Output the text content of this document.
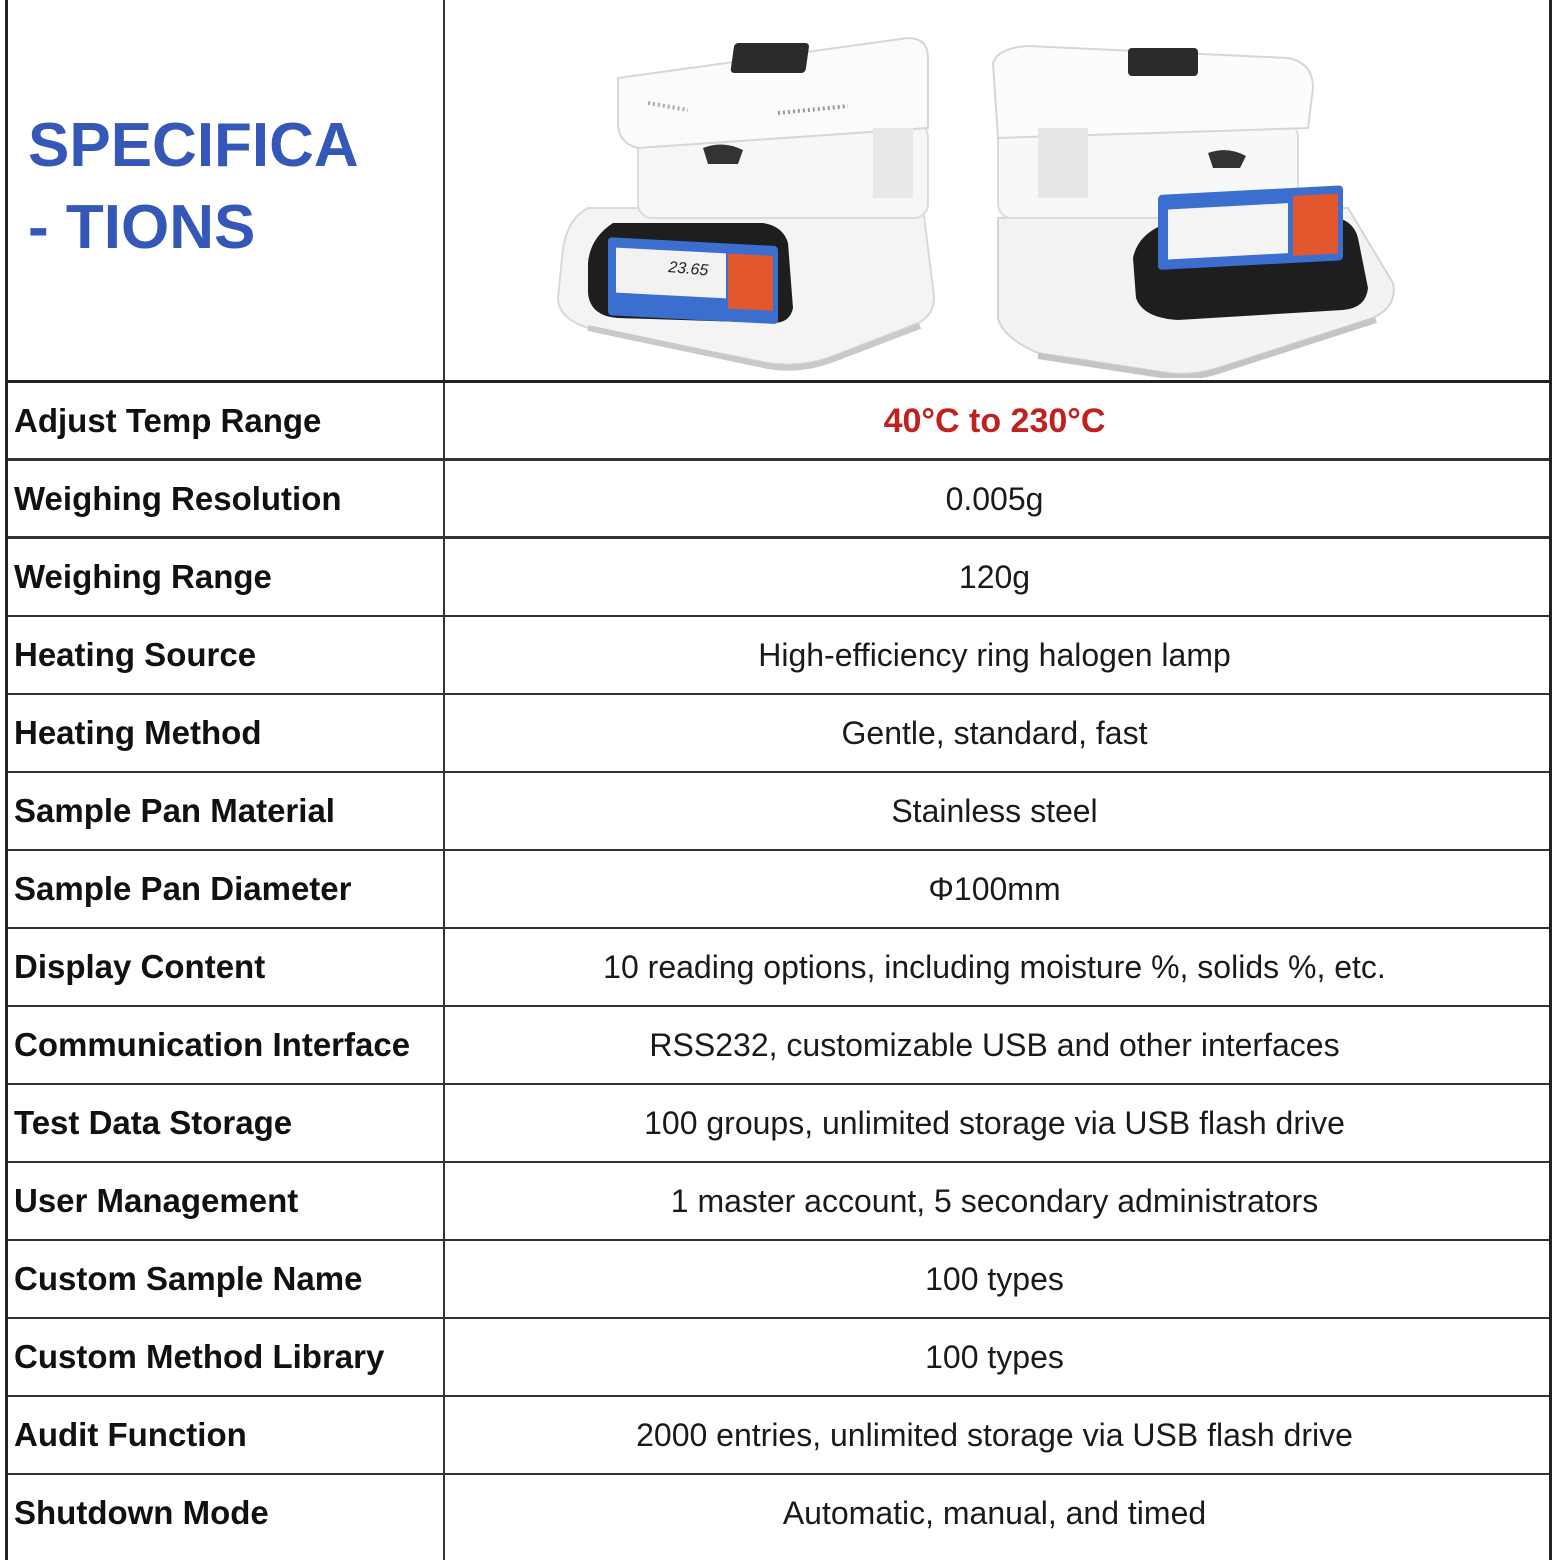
SPECIFICA
- TIONS
23.65
Adjust Temp Range	40°C to 230°C
Weighing Resolution	0.005g
Weighing Range	120g
Heating Source	High-efficiency ring halogen lamp
Heating Method	Gentle, standard, fast
Sample Pan Material	Stainless steel
Sample Pan Diameter	Φ100mm
Display Content	10 reading options, including moisture %, solids %, etc.
Communication Interface	RSS232, customizable USB and other interfaces
Test Data Storage	100 groups, unlimited storage via USB flash drive
User Management	1 master account, 5 secondary administrators
Custom Sample Name	100 types
Custom Method Library	100 types
Audit Function	2000 entries, unlimited storage via USB flash drive
Shutdown Mode	Automatic, manual, and timed
